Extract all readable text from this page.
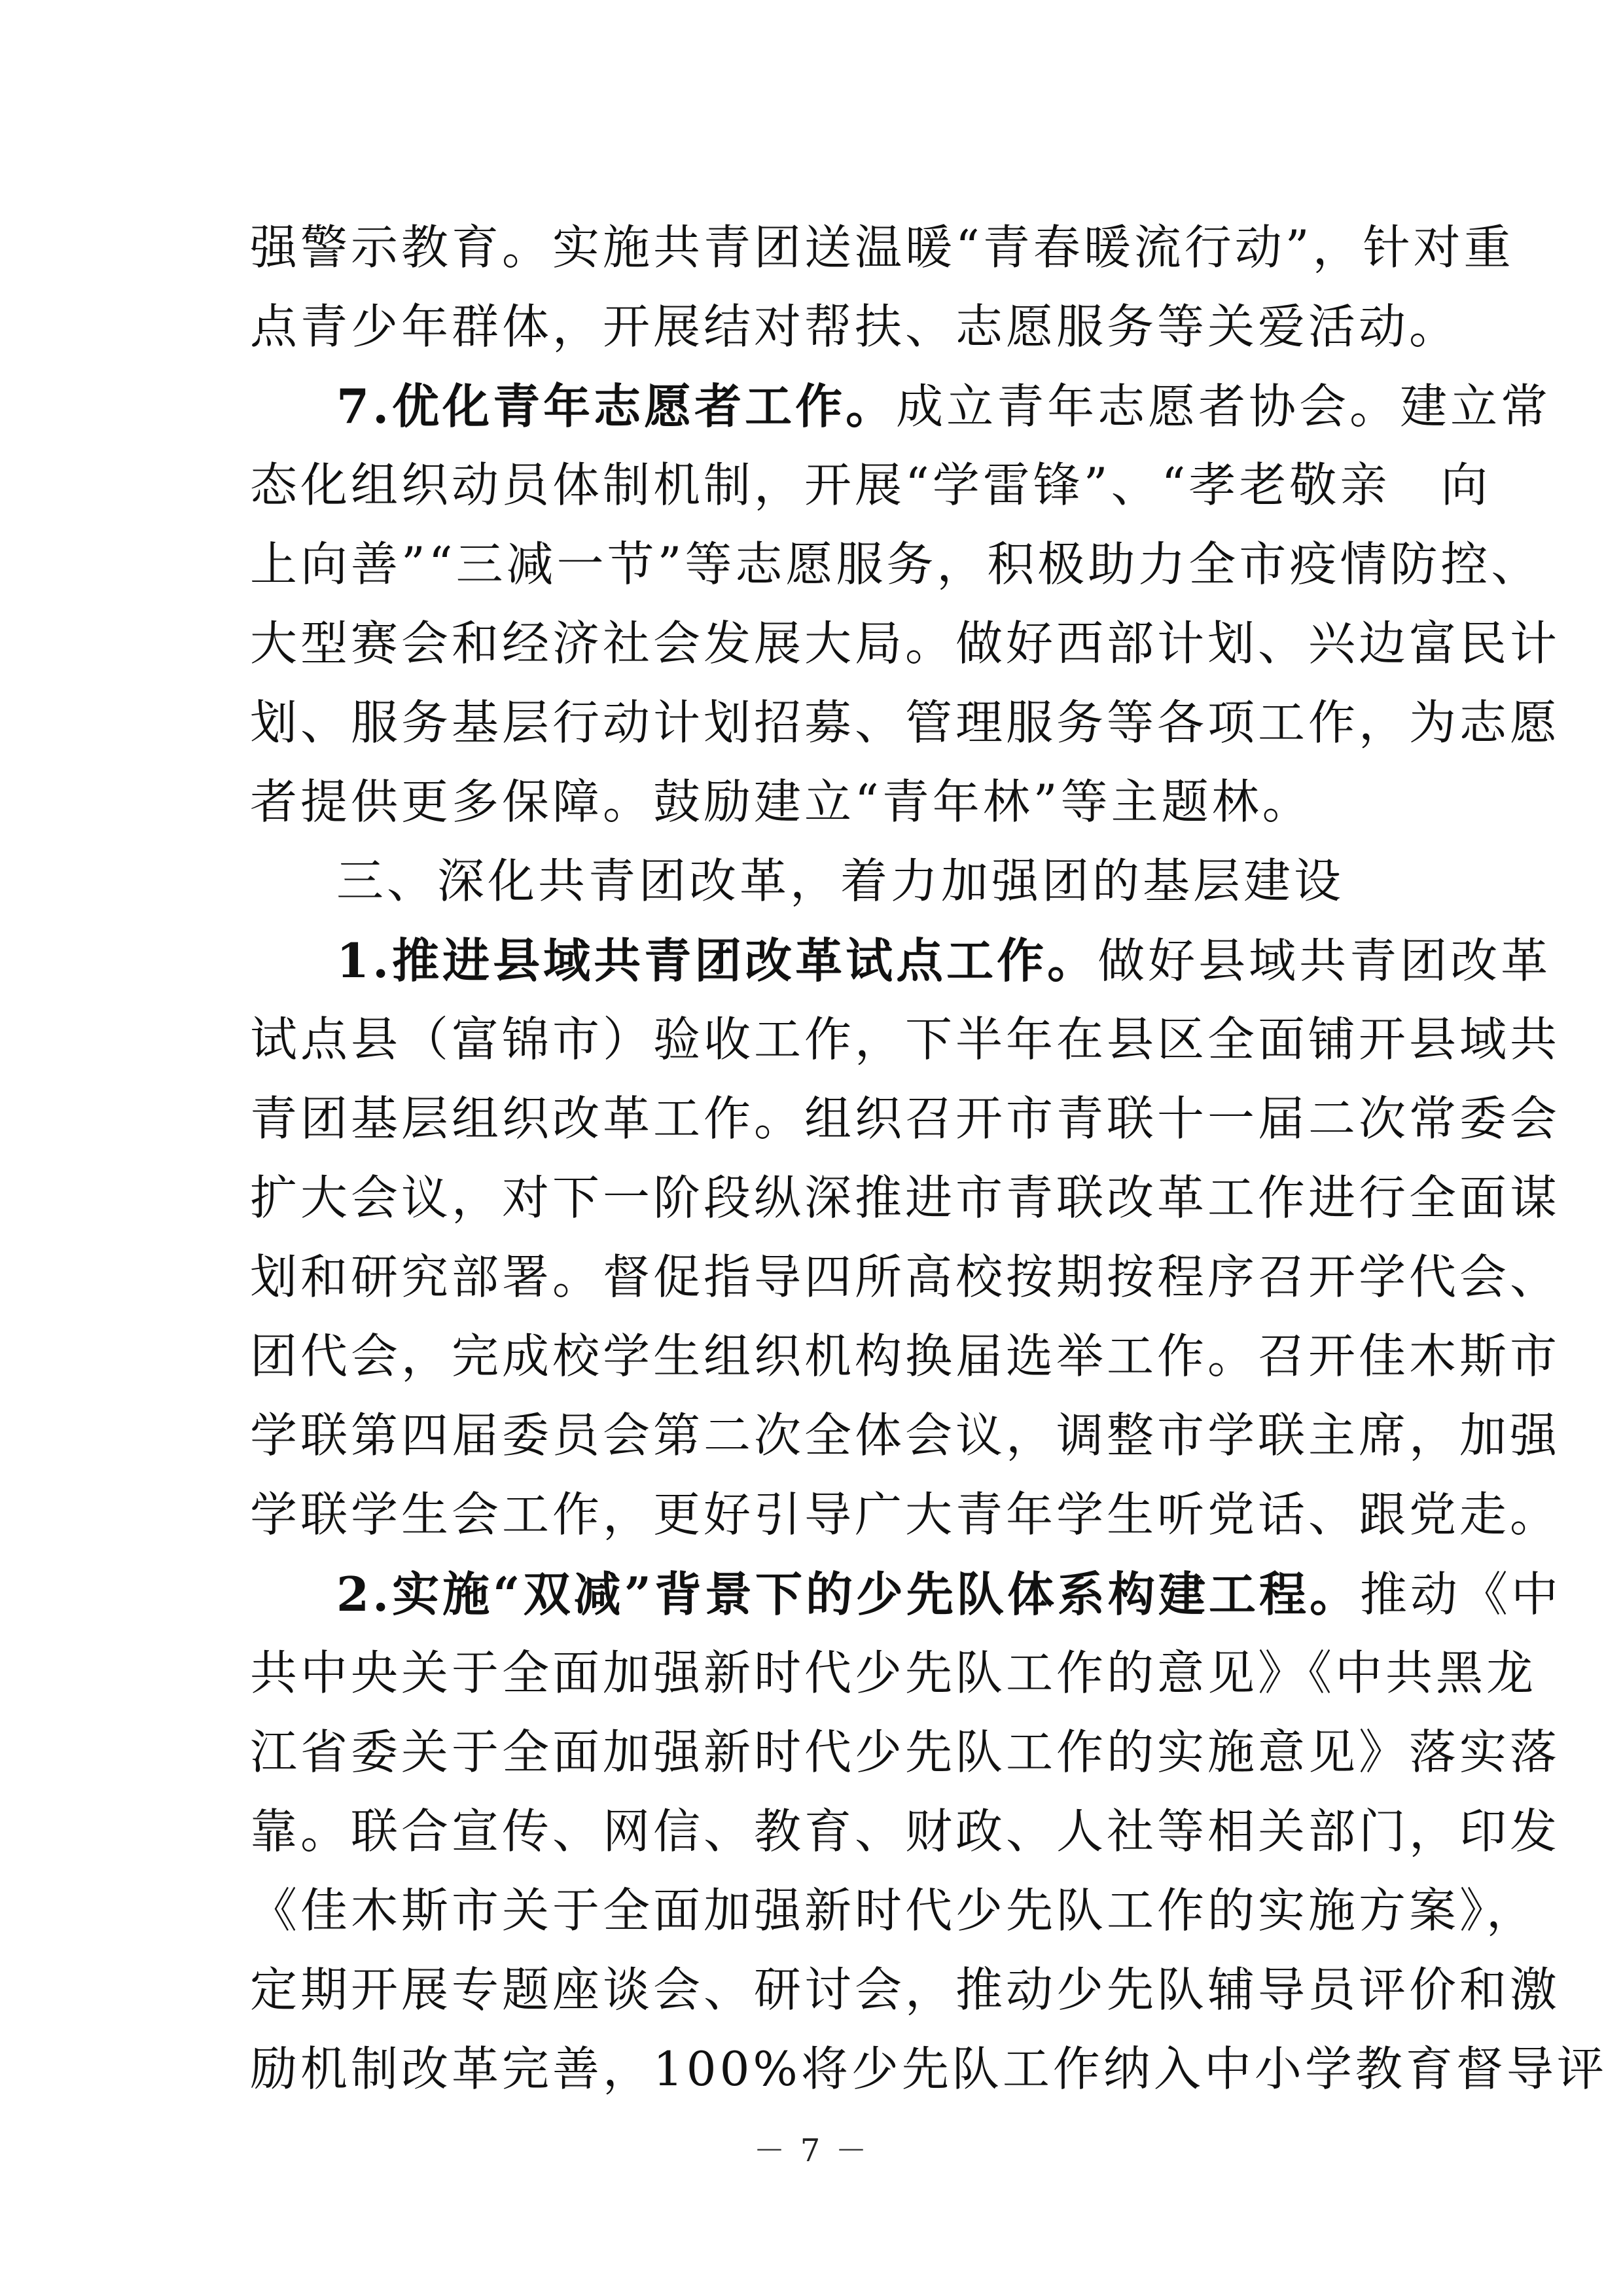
强警示教育。实施共青团送温暖“青春暖流行动”，针对重
点青少年群体，开展结对帮扶、志愿服务等关爱活动。
7.优化青年志愿者工作。成立青年志愿者协会。建立常
态化组织动员体制机制，开展“学雷锋”、“孝老敬亲　向
上向善”“三减一节”等志愿服务，积极助力全市疫情防控、
大型赛会和经济社会发展大局。做好西部计划、兴边富民计
划、服务基层行动计划招募、管理服务等各项工作，为志愿
者提供更多保障。鼓励建立“青年林”等主题林。
三、深化共青团改革，着力加强团的基层建设
1.推进县域共青团改革试点工作。做好县域共青团改革
试点县（富锦市）验收工作，下半年在县区全面铺开县域共
青团基层组织改革工作。组织召开市青联十一届二次常委会
扩大会议，对下一阶段纵深推进市青联改革工作进行全面谋
划和研究部署。督促指导四所高校按期按程序召开学代会、
团代会，完成校学生组织机构换届选举工作。召开佳木斯市
学联第四届委员会第二次全体会议，调整市学联主席，加强
学联学生会工作，更好引导广大青年学生听党话、跟党走。
2.实施“双减”背景下的少先队体系构建工程。推动《中
共中央关于全面加强新时代少先队工作的意见》《中共黑龙
江省委关于全面加强新时代少先队工作的实施意见》落实落
靠。联合宣传、网信、教育、财政、人社等相关部门，印发
《佳木斯市关于全面加强新时代少先队工作的实施方案》，
定期开展专题座谈会、研讨会，推动少先队辅导员评价和激
励机制改革完善，100%将少先队工作纳入中小学教育督导评
－ 7 －
